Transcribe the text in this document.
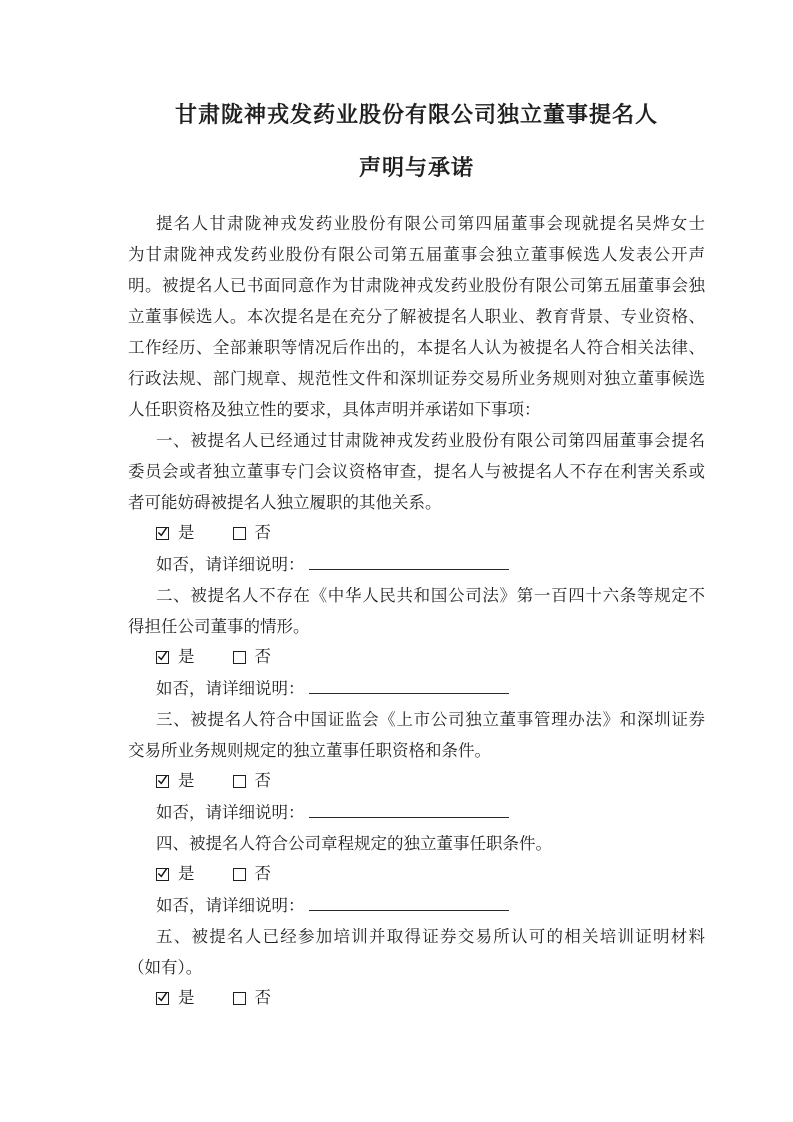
甘肃陇神戎发药业股份有限公司独立董事提名人
声明与承诺
提名人甘肃陇神戎发药业股份有限公司第四届董事会现就提名吴烨女士
为甘肃陇神戎发药业股份有限公司第五届董事会独立董事候选人发表公开声
明。被提名人已书面同意作为甘肃陇神戎发药业股份有限公司第五届董事会独
立董事候选人。本次提名是在充分了解被提名人职业、教育背景、专业资格、
工作经历、全部兼职等情况后作出的，本提名人认为被提名人符合相关法律、
行政法规、部门规章、规范性文件和深圳证券交易所业务规则对独立董事候选
人任职资格及独立性的要求，具体声明并承诺如下事项：
一、被提名人已经通过甘肃陇神戎发药业股份有限公司第四届董事会提名
委员会或者独立董事专门会议资格审查，提名人与被提名人不存在利害关系或
者可能妨碍被提名人独立履职的其他关系。
是	否
如否，请详细说明：
二、被提名人不存在《中华人民共和国公司法》第一百四十六条等规定不
得担任公司董事的情形。
是	否
如否，请详细说明：
三、被提名人符合中国证监会《上市公司独立董事管理办法》和深圳证券
交易所业务规则规定的独立董事任职资格和条件。
是	否
如否，请详细说明：
四、被提名人符合公司章程规定的独立董事任职条件。
是	否
如否，请详细说明：
五、被提名人已经参加培训并取得证券交易所认可的相关培训证明材料
（如有）。
是	否
